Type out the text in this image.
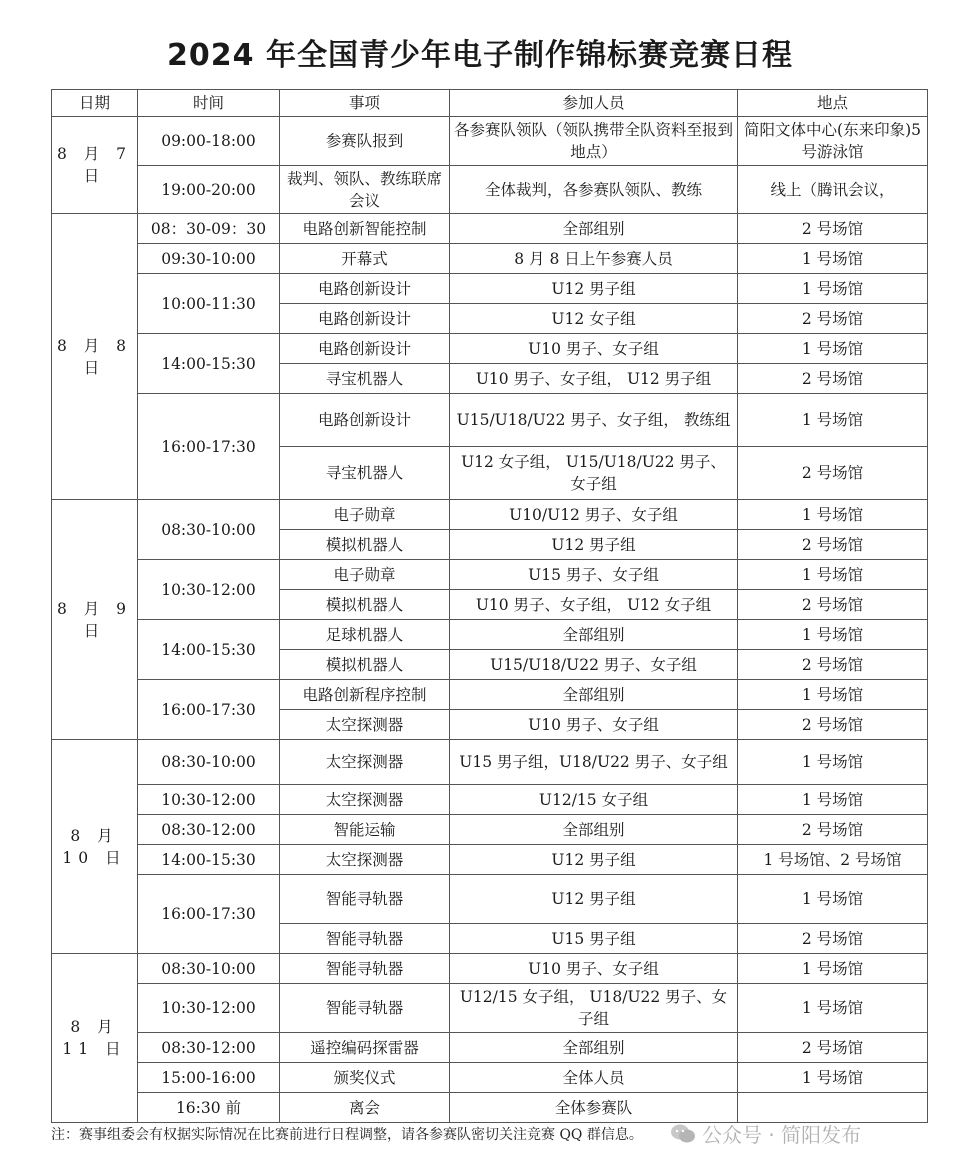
2024 年全国青少年电子制作锦标赛竞赛日程
日期	时间	事项	参加人员	地点
8 月 7 日	09:00-18:00	参赛队报到	各参赛队领队（领队携带全队资料至报到地点）	简阳文体中心(东来印象)5号游泳馆
	19:00-20:00	裁判、领队、教练联席会议	全体裁判，各参赛队领队、教练	线上（腾讯会议，
8 月 8 日	08：30-09：30	电路创新智能控制	全部组别	2 号场馆
	09:30-10:00	开幕式	8 月 8 日上午参赛人员	1 号场馆
	10:00-11:30	电路创新设计	U12 男子组	1 号场馆
		电路创新设计	U12 女子组	2 号场馆
	14:00-15:30	电路创新设计	U10 男子、女子组	1 号场馆
		寻宝机器人	U10 男子、女子组， U12 男子组	2 号场馆
	16:00-17:30	电路创新设计	U15/U18/U22 男子、女子组， 教练组	1 号场馆
		寻宝机器人	U12 女子组， U15/U18/U22 男子、女子组	2 号场馆
8 月 9 日	08:30-10:00	电子勋章	U10/U12 男子、女子组	1 号场馆
		模拟机器人	U12 男子组	2 号场馆
	10:30-12:00	电子勋章	U15 男子、女子组	1 号场馆
		模拟机器人	U10 男子、女子组， U12 女子组	2 号场馆
	14:00-15:30	足球机器人	全部组别	1 号场馆
		模拟机器人	U15/U18/U22 男子、女子组	2 号场馆
	16:00-17:30	电路创新程序控制	全部组别	1 号场馆
		太空探测器	U10 男子、女子组	2 号场馆
8 月 10 日	08:30-10:00	太空探测器	U15 男子组，U18/U22 男子、女子组	1 号场馆
	10:30-12:00	太空探测器	U12/15 女子组	1 号场馆
	08:30-12:00	智能运输	全部组别	2 号场馆
	14:00-15:30	太空探测器	U12 男子组	1 号场馆、2 号场馆
	16:00-17:30	智能寻轨器	U12 男子组	1 号场馆
		智能寻轨器	U15 男子组	2 号场馆
8 月 11 日	08:30-10:00	智能寻轨器	U10 男子、女子组	1 号场馆
	10:30-12:00	智能寻轨器	U12/15 女子组， U18/U22 男子、女子组	1 号场馆
	08:30-12:00	遥控编码探雷器	全部组别	2 号场馆
	15:00-16:00	颁奖仪式	全体人员	1 号场馆
	16:30 前	离会	全体参赛队	
注：赛事组委会有权据实际情况在比赛前进行日程调整，请各参赛队密切关注竞赛 QQ 群信息。	公众号 · 简阳发布
